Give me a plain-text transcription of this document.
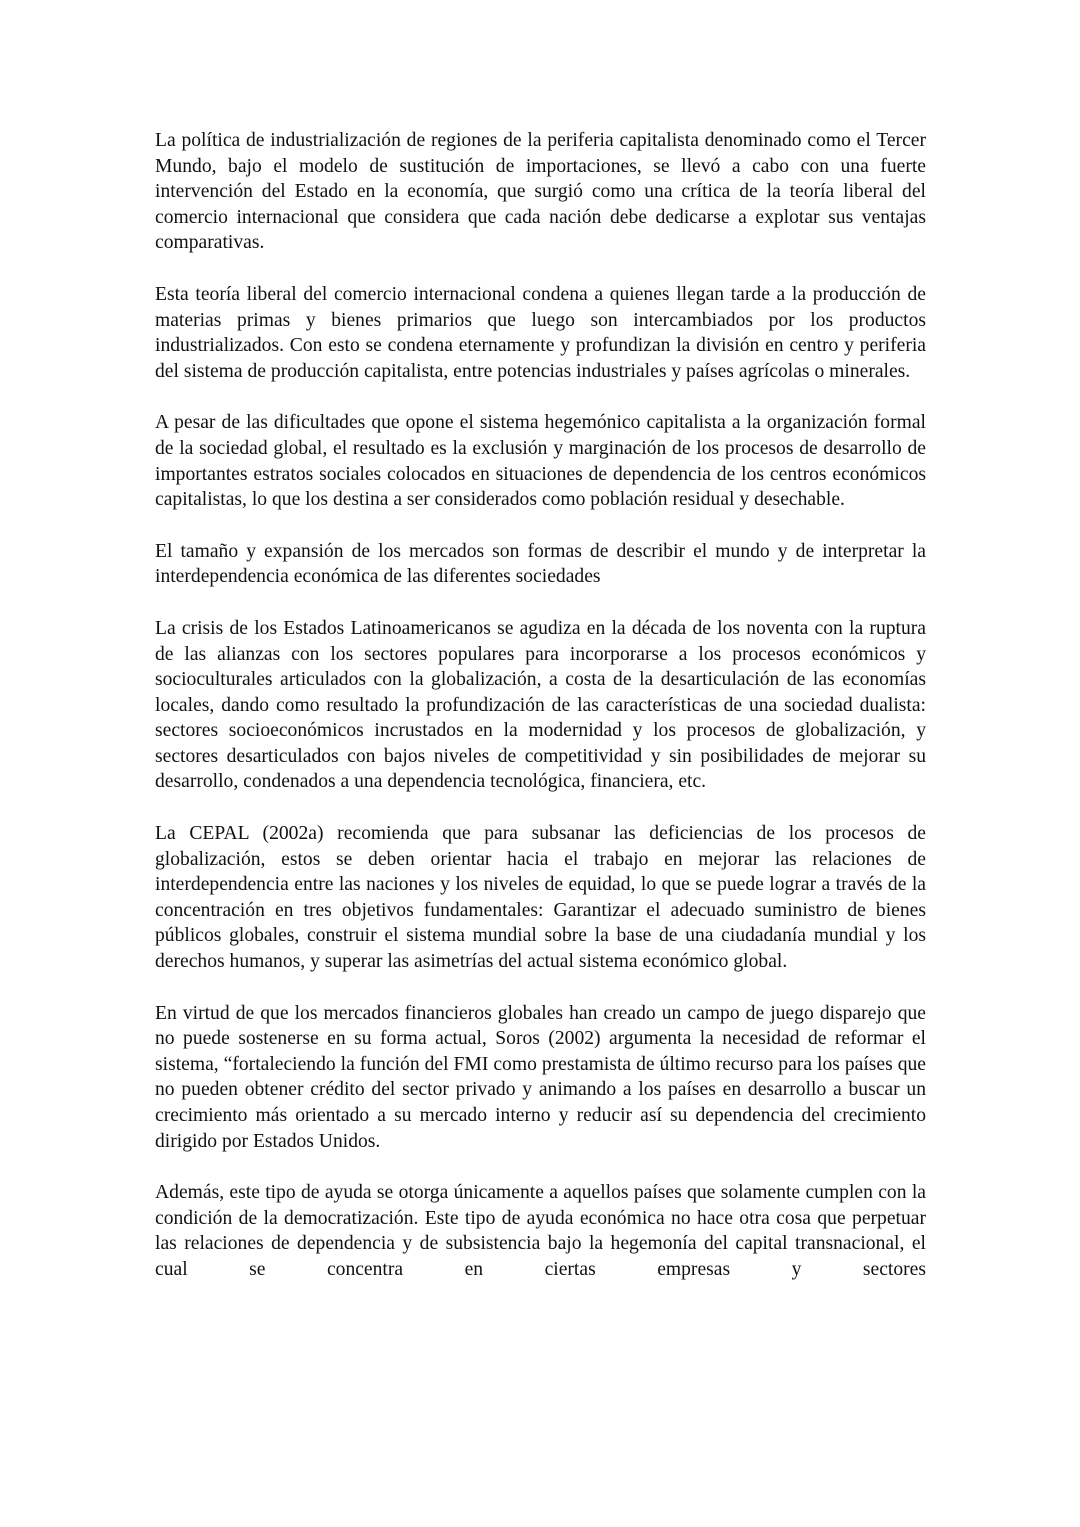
La política de industrialización de regiones de la periferia capitalista denominado como el Tercer Mundo, bajo el modelo de sustitución de importaciones, se llevó a cabo con una fuerte intervención del Estado en la economía, que surgió como una crítica de la teoría liberal del comercio internacional que considera que cada nación debe dedicarse a explotar sus ventajas comparativas.

Esta teoría liberal del comercio internacional condena a quienes llegan tarde a la producción de materias primas y bienes primarios que luego son intercambiados por los productos industrializados. Con esto se condena eternamente y profundizan la división en centro y periferia del sistema de producción capitalista, entre potencias industriales y países agrícolas o minerales.

A pesar de las dificultades que opone el sistema hegemónico capitalista a la organización formal de la sociedad global, el resultado es la exclusión y marginación de los procesos de desarrollo de importantes estratos sociales colocados en situaciones de dependencia de los centros económicos capitalistas, lo que los destina a ser considerados como población residual y desechable.

El tamaño y expansión de los mercados son formas de describir el mundo y de interpretar la interdependencia económica de las diferentes sociedades

La crisis de los Estados Latinoamericanos se agudiza en la década de los noventa con la ruptura de las alianzas con los sectores populares para incorporarse a los procesos económicos y socioculturales articulados con la globalización, a costa de la desarticulación de las economías locales, dando como resultado la profundización de las características de una sociedad dualista: sectores socioeconómicos incrustados en la modernidad y los procesos de globalización, y sectores desarticulados con bajos niveles de competitividad y sin posibilidades de mejorar su desarrollo, condenados a una dependencia tecnológica, financiera, etc.

La CEPAL (2002a) recomienda que para subsanar las deficiencias de los procesos de globalización, estos se deben orientar hacia el trabajo en mejorar las relaciones de interdependencia entre las naciones y los niveles de equidad, lo que se puede lograr a través de la concentración en tres objetivos fundamentales: Garantizar el adecuado suministro de bienes públicos globales, construir el sistema mundial sobre la base de una ciudadanía mundial y los derechos humanos, y superar las asimetrías del actual sistema económico global.

En virtud de que los mercados financieros globales han creado un campo de juego disparejo que no puede sostenerse en su forma actual, Soros (2002) argumenta la necesidad de reformar el sistema, “fortaleciendo la función del FMI como prestamista de último recurso para los países que no pueden obtener crédito del sector privado y animando a los países en desarrollo a buscar un crecimiento más orientado a su mercado interno y reducir así su dependencia del crecimiento dirigido por Estados Unidos.

Además, este tipo de ayuda se otorga únicamente a aquellos países que solamente cumplen con la condición de la democratización. Este tipo de ayuda económica no hace otra cosa que perpetuar las relaciones de dependencia y de subsistencia bajo la hegemonía del capital transnacional, el cual se concentra en ciertas empresas y sectores
